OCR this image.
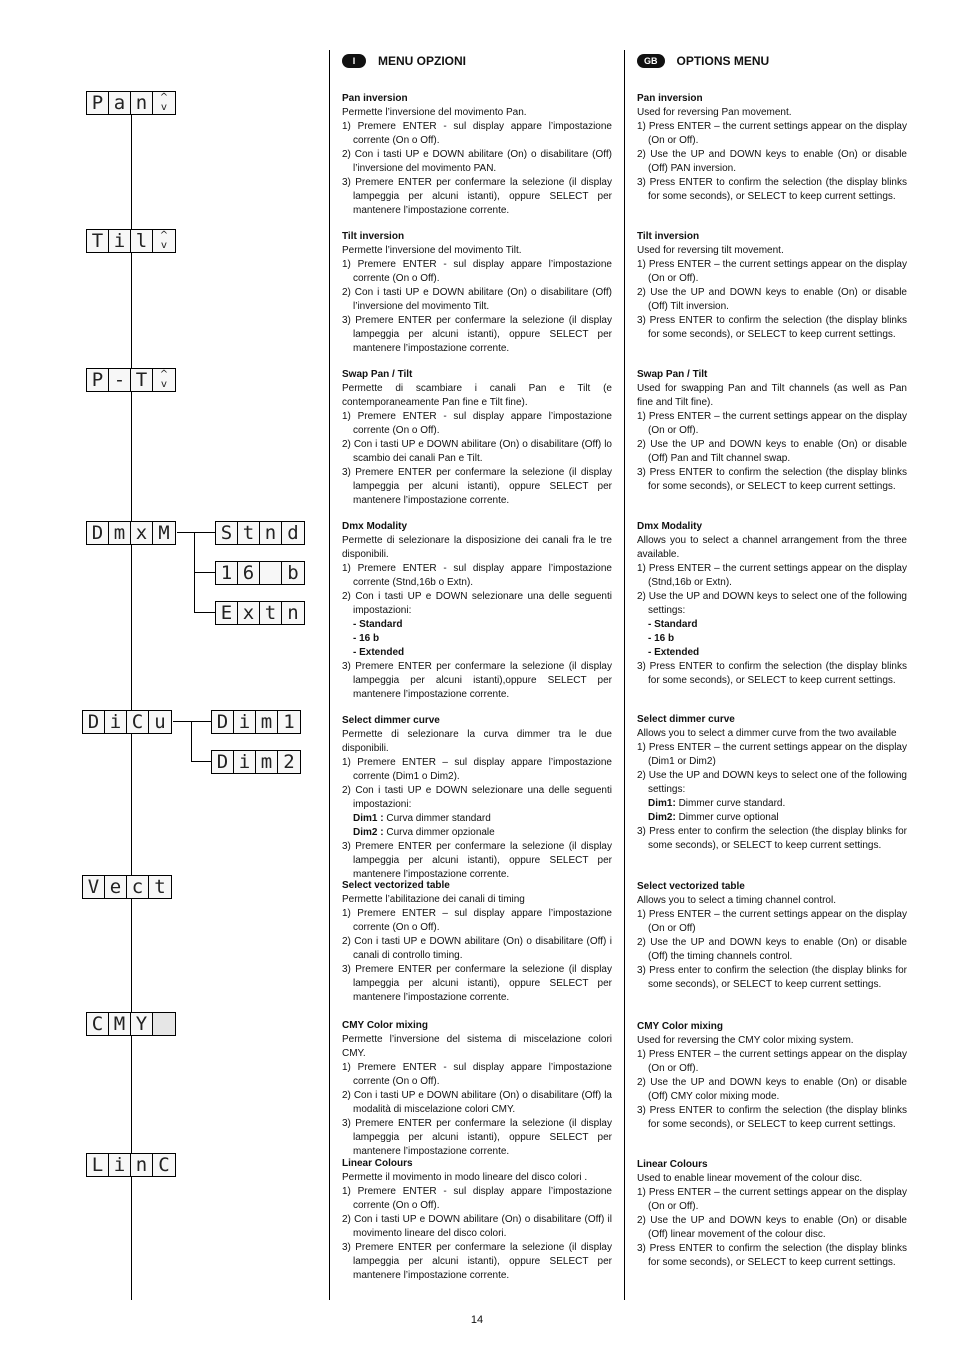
P a n	^
v
T i l	^
v
P - T	^
v
D m x M	S t n d
1 6	b
E x t n
D i C u	D i m 1
D i m 2
V e c t
C M Y
L i n C
I	MENU OPZIONI
Pan inversion

Permette l’inversione del movimento Pan.

1) Premere ENTER - sul display appare l’impostazione corrente (On o Off).
2) Con i tasti UP e DOWN abilitare (On) o disabilitare (Off) l’inversione del movimento PAN.
3) Premere ENTER per confermare la selezione (il display lampeggia per alcuni istanti), oppure SELECT per mantenere l’impostazione corrente.
Tilt inversion

Permette l’inversione del movimento Tilt.

1) Premere ENTER - sul display appare l’impostazione corrente (On o Off).
2) Con i tasti UP e DOWN abilitare (On) o disabilitare (Off) l’inversione del movimento Tilt.
3) Premere ENTER per confermare la selezione (il display lampeggia per alcuni istanti), oppure SELECT per mantenere l’impostazione corrente.
Swap Pan / Tilt

Permette di scambiare i canali Pan e Tilt (e contemporaneamente Pan fine e Tilt fine).

1) Premere ENTER - sul display appare l’impostazione corrente (On o Off).
2) Con i tasti UP e DOWN abilitare (On) o disabilitare (Off) lo scambio dei canali Pan e Tilt.
3) Premere ENTER per confermare la selezione (il display lampeggia per alcuni istanti), oppure SELECT per mantenere l’impostazione corrente.
Dmx Modality

Permette di selezionare la disposizione dei canali fra le tre disponibili.

1) Premere ENTER - sul display appare l’impostazione corrente (Stnd,16b o Extn).
2) Con i tasti UP e DOWN selezionare una delle seguenti impostazioni:
- Standard
- 16 b
- Extended
3) Premere ENTER per confermare la selezione (il display lampeggia per alcuni istanti),oppure SELECT per mantenere l’impostazione corrente.
Select dimmer curve

Permette di selezionare la curva dimmer tra le due disponibili.

1) Premere ENTER – sul display appare l’impostazione corrente (Dim1 o Dim2).
2) Con i tasti UP e DOWN selezionare una delle seguenti impostazioni:
Dim1 : Curva dimmer standard
Dim2 : Curva dimmer opzionale
3) Premere ENTER per confermare la selezione (il display lampeggia per alcuni istanti), oppure SELECT per mantenere l’impostazione corrente.
Select vectorized table

Permette l’abilitazione dei canali di timing

1) Premere ENTER – sul display appare l’impostazione corrente (On o Off).
2) Con i tasti UP e DOWN abilitare (On) o disabilitare (Off) i canali di controllo timing.
3) Premere ENTER per confermare la selezione (il display lampeggia per alcuni istanti), oppure SELECT per mantenere l’impostazione corrente.
CMY Color mixing

Permette l’inversione del sistema di miscelazione colori CMY.

1) Premere ENTER - sul display appare l’impostazione corrente (On o Off).
2) Con i tasti UP e DOWN abilitare (On) o disabilitare (Off) la modalità di miscelazione colori CMY.
3) Premere ENTER per confermare la selezione (il display lampeggia per alcuni istanti), oppure SELECT per mantenere l’impostazione corrente.
Linear Colours

Permette il movimento in modo lineare del disco colori .

1) Premere ENTER - sul display appare l’impostazione corrente (On o Off).
2) Con i tasti UP e DOWN abilitare (On) o disabilitare (Off) il movimento lineare del disco colori.
3) Premere ENTER per confermare la selezione (il display lampeggia per alcuni istanti), oppure SELECT per mantenere l’impostazione corrente.
GB	OPTIONS MENU
Pan inversion

Used for reversing Pan movement.

1) Press ENTER – the current settings appear on the display (On or Off).
2) Use the UP and DOWN keys to enable (On) or disable (Off) PAN inversion.
3) Press ENTER to confirm the selection (the display blinks for some seconds), or SELECT to keep current settings.
Tilt inversion

Used for reversing tilt movement.

1) Press ENTER – the current settings appear on the display (On or Off).
2) Use the UP and DOWN keys to enable (On) or disable (Off) Tilt inversion.
3) Press ENTER to confirm the selection (the display blinks for some seconds), or SELECT to keep current settings.
Swap Pan / Tilt

Used for swapping Pan and Tilt channels (as well as Pan fine and Tilt fine).

1) Press ENTER – the current settings appear on the display (On or Off).
2) Use the UP and DOWN keys to enable (On) or disable (Off) Pan and Tilt channel swap.
3) Press ENTER to confirm the selection (the display blinks for some seconds), or SELECT to keep current settings.
Dmx Modality

Allows you to select a channel arrangement from the three available.

1) Press ENTER – the current settings appear on the display (Stnd,16b or Extn).
2) Use the UP and DOWN keys to select one of the following settings:
- Standard
- 16 b
- Extended
3) Press ENTER to confirm the selection (the display blinks for some seconds), or SELECT to keep current settings.
Select dimmer curve

Allows you to select a dimmer curve from the two available

1) Press ENTER – the current settings appear on the display (Dim1 or Dim2)
2) Use the UP and DOWN keys to select one of the following settings:
Dim1: Dimmer curve standard.
Dim2: Dimmer curve optional
3) Press enter to confirm the selection (the display blinks for some seconds), or SELECT to keep current settings.
Select vectorized table

Allows you to select a timing channel control.

1) Press ENTER – the current settings appear on the display (On or Off)
2) Use the UP and DOWN keys to enable (On) or disable (Off) the timing channels control.
3) Press enter to confirm the selection (the display blinks for some seconds), or SELECT to keep current settings.
CMY Color mixing

Used for reversing the CMY color mixing system.

1) Press ENTER – the current settings appear on the display (On or Off).
2) Use the UP and DOWN keys to enable (On) or disable (Off) CMY color mixing mode.
3) Press ENTER to confirm the selection (the display blinks for some seconds), or SELECT to keep current settings.
Linear Colours

Used to enable linear movement of the colour disc.

1) Press ENTER – the current settings appear on the display (On or Off).
2) Use the UP and DOWN keys to enable (On) or disable (Off) linear movement of the colour disc.
3) Press ENTER to confirm the selection (the display blinks for some seconds), or SELECT to keep current settings.
14
